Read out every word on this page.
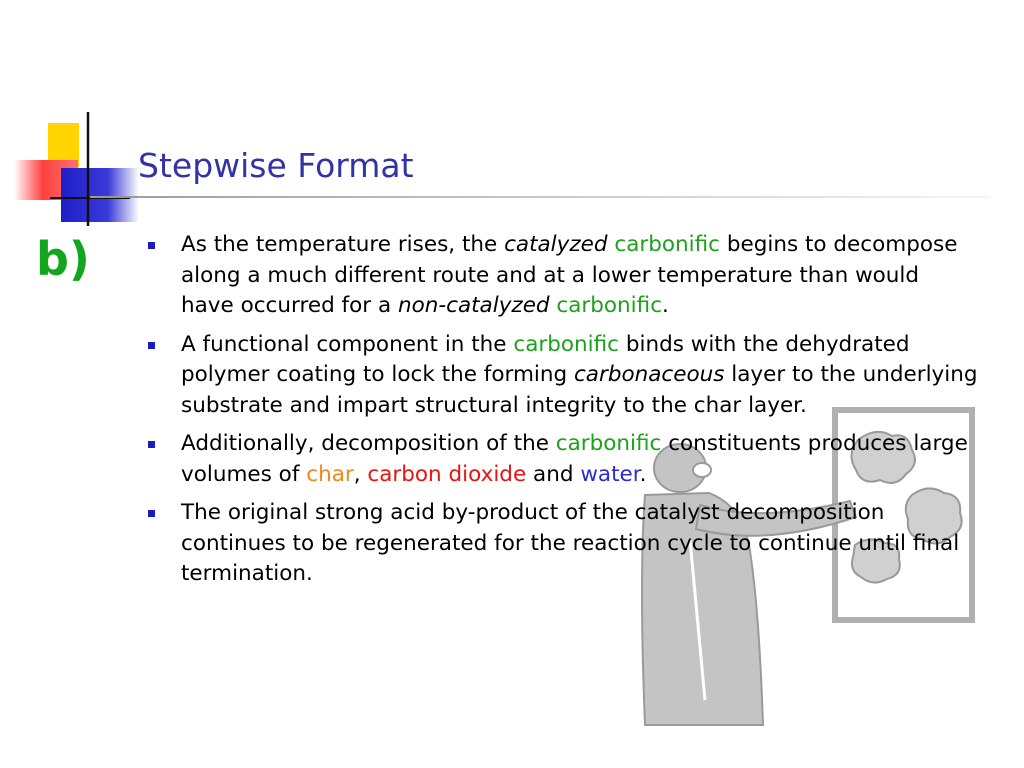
Stepwise Format
b)	As the temperature rises, the catalyzed carbonific begins to decompose along a much different route and at a lower temperature than would have occurred for a non-catalyzed carbonific.
A functional component in the carbonific binds with the dehydrated polymer coating to lock the forming carbonaceous layer to the underlying substrate and impart structural integrity to the char layer.
Additionally, decomposition of the carbonific constituents produces large volumes of char, carbon dioxide and water.
The original strong acid by-product of the catalyst decomposition continues to be regenerated for the reaction cycle to continue until final termination.
